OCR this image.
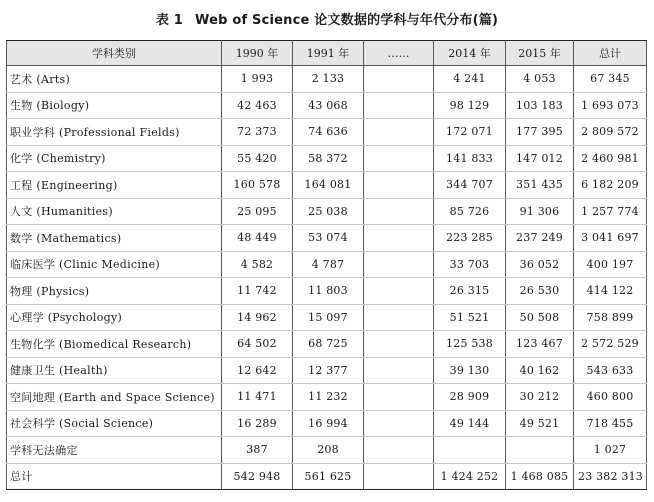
表 1 Web of Science 论文数据的学科与年代分布(篇)
学科类别	1990 年	1991 年	……	2014 年	2015 年	总计
艺术 (Arts)	1 993	2 133		4 241	4 053	67 345
生物 (Biology)	42 463	43 068		98 129	103 183	1 693 073
职业学科 (Professional Fields)	72 373	74 636		172 071	177 395	2 809 572
化学 (Chemistry)	55 420	58 372		141 833	147 012	2 460 981
工程 (Engineering)	160 578	164 081		344 707	351 435	6 182 209
人文 (Humanities)	25 095	25 038		85 726	91 306	1 257 774
数学 (Mathematics)	48 449	53 074		223 285	237 249	3 041 697
临床医学 (Clinic Medicine)	4 582	4 787		33 703	36 052	400 197
物理 (Physics)	11 742	11 803		26 315	26 530	414 122
心理学 (Psychology)	14 962	15 097		51 521	50 508	758 899
生物化学 (Biomedical Research)	64 502	68 725		125 538	123 467	2 572 529
健康卫生 (Health)	12 642	12 377		39 130	40 162	543 633
空间地理 (Earth and Space Science)	11 471	11 232		28 909	30 212	460 800
社会科学 (Social Science)	16 289	16 994		49 144	49 521	718 455
学科无法确定	387	208				1 027
总计	542 948	561 625		1 424 252	1 468 085	23 382 313
